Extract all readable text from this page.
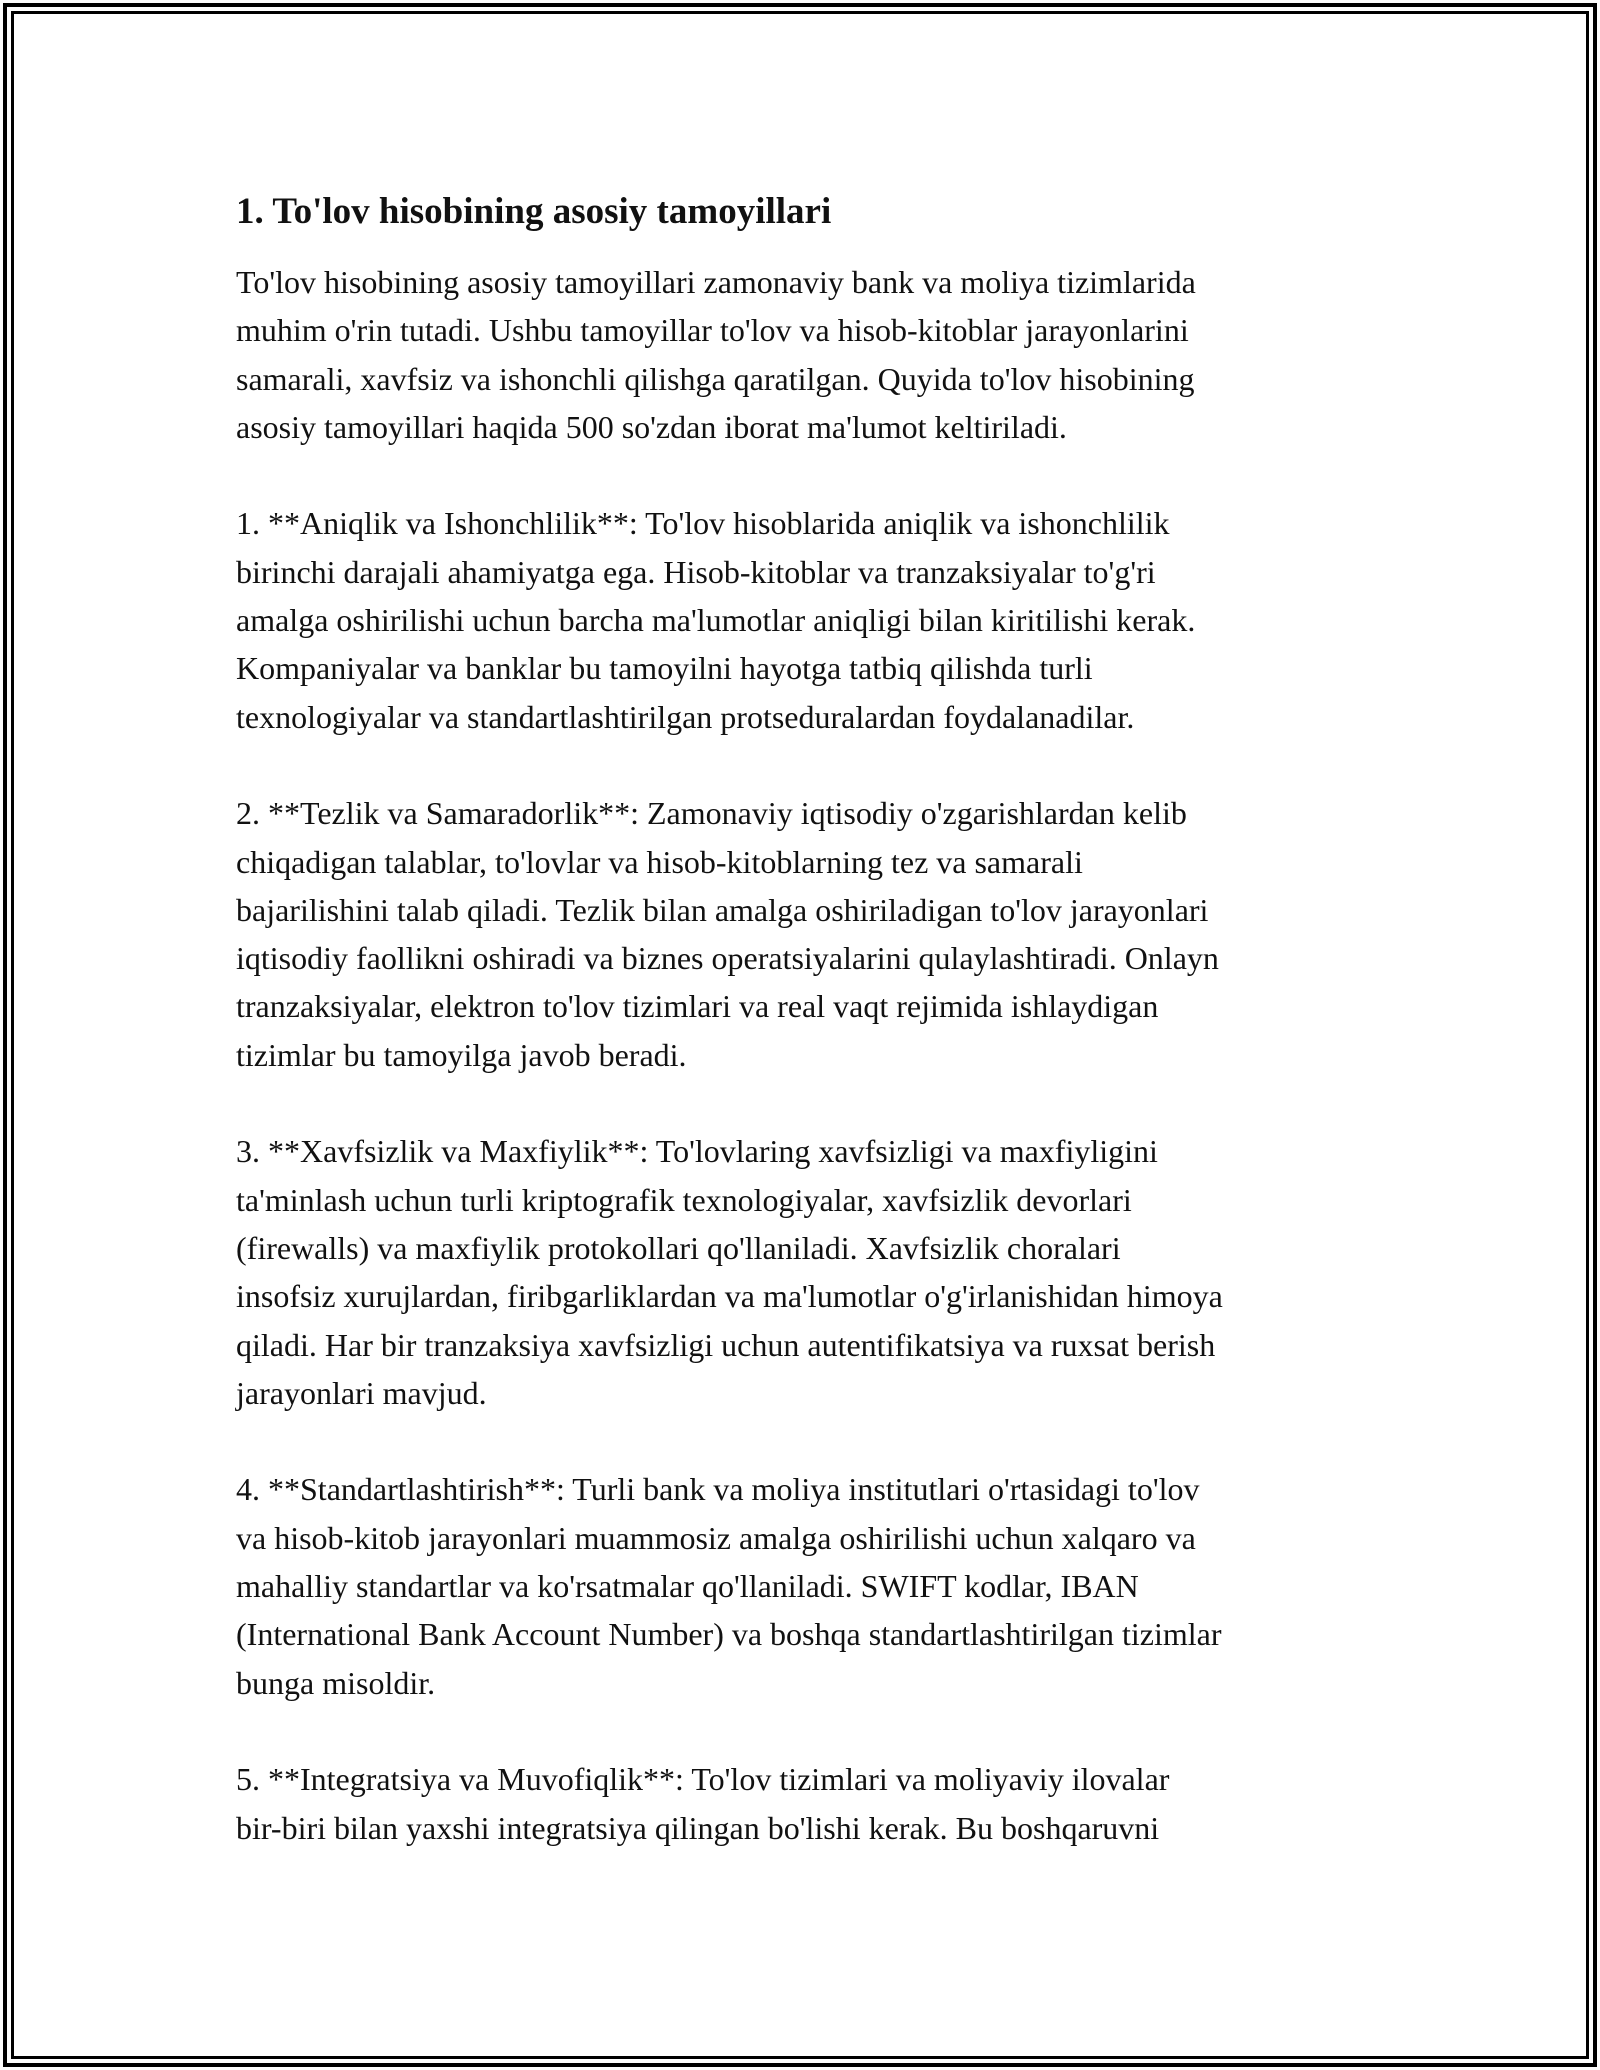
1. To'lov hisobining asosiy tamoyillari
To'lov hisobining asosiy tamoyillari zamonaviy bank va moliya tizimlarida
muhim o'rin tutadi. Ushbu tamoyillar to'lov va hisob-kitoblar jarayonlarini
samarali, xavfsiz va ishonchli qilishga qaratilgan. Quyida to'lov hisobining
asosiy tamoyillari haqida 500 so'zdan iborat ma'lumot keltiriladi.
1. **Aniqlik va Ishonchlilik**: To'lov hisoblarida aniqlik va ishonchlilik
birinchi darajali ahamiyatga ega. Hisob-kitoblar va tranzaksiyalar to'g'ri
amalga oshirilishi uchun barcha ma'lumotlar aniqligi bilan kiritilishi kerak.
Kompaniyalar va banklar bu tamoyilni hayotga tatbiq qilishda turli
texnologiyalar va standartlashtirilgan protseduralardan foydalanadilar.
2. **Tezlik va Samaradorlik**: Zamonaviy iqtisodiy o'zgarishlardan kelib
chiqadigan talablar, to'lovlar va hisob-kitoblarning tez va samarali
bajarilishini talab qiladi. Tezlik bilan amalga oshiriladigan to'lov jarayonlari
iqtisodiy faollikni oshiradi va biznes operatsiyalarini qulaylashtiradi. Onlayn
tranzaksiyalar, elektron to'lov tizimlari va real vaqt rejimida ishlaydigan
tizimlar bu tamoyilga javob beradi.
3. **Xavfsizlik va Maxfiylik**: To'lovlaring xavfsizligi va maxfiyligini
ta'minlash uchun turli kriptografik texnologiyalar, xavfsizlik devorlari
(firewalls) va maxfiylik protokollari qo'llaniladi. Xavfsizlik choralari
insofsiz xurujlardan, firibgarliklardan va ma'lumotlar o'g'irlanishidan himoya
qiladi. Har bir tranzaksiya xavfsizligi uchun autentifikatsiya va ruxsat berish
jarayonlari mavjud.
4. **Standartlashtirish**: Turli bank va moliya institutlari o'rtasidagi to'lov
va hisob-kitob jarayonlari muammosiz amalga oshirilishi uchun xalqaro va
mahalliy standartlar va ko'rsatmalar qo'llaniladi. SWIFT kodlar, IBAN
(International Bank Account Number) va boshqa standartlashtirilgan tizimlar
bunga misoldir.
5. **Integratsiya va Muvofiqlik**: To'lov tizimlari va moliyaviy ilovalar
bir-biri bilan yaxshi integratsiya qilingan bo'lishi kerak. Bu boshqaruvni
